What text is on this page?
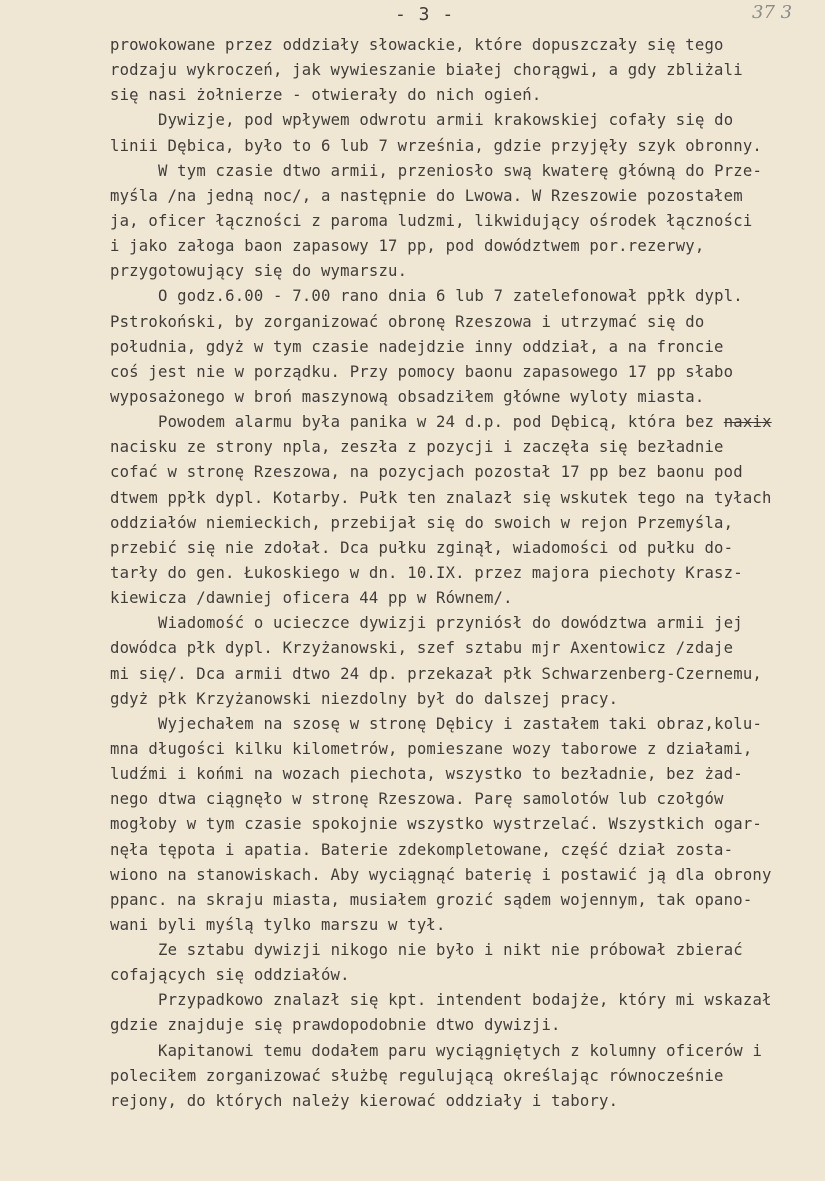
- 3 -	37 3
prowokowane przez oddziały słowackie, które dopuszczały się tego
rodzaju wykroczeń, jak wywieszanie białej chorągwi, a gdy zbliżali
się nasi żołnierze - otwierały do nich ogień.
Dywizje, pod wpływem odwrotu armii krakowskiej cofały się do
linii Dębica, było to 6 lub 7 września, gdzie przyjęły szyk obronny.
W tym czasie dtwo armii, przeniosło swą kwaterę główną do Prze-
myśla /na jedną noc/, a następnie do Lwowa. W Rzeszowie pozostałem
ja, oficer łączności z paroma ludzmi, likwidujący ośrodek łączności
i jako załoga baon zapasowy 17 pp, pod dowództwem por.rezerwy,
przygotowujący się do wymarszu.
O godz.6.00 - 7.00 rano dnia 6 lub 7 zatelefonował ppłk dypl.
Pstrokoński, by zorganizować obronę Rzeszowa i utrzymać się do
południa, gdyż w tym czasie nadejdzie inny oddział, a na froncie
coś jest nie w porządku. Przy pomocy baonu zapasowego 17 pp słabo
wyposażonego w broń maszynową obsadziłem główne wyloty miasta.
Powodem alarmu była panika w 24 d.p. pod Dębicą, która bez naxix
nacisku ze strony npla, zeszła z pozycji i zaczęła się bezładnie
cofać w stronę Rzeszowa, na pozycjach pozostał 17 pp bez baonu pod
dtwem ppłk dypl. Kotarby. Pułk ten znalazł się wskutek tego na tyłach
oddziałów niemieckich, przebijał się do swoich w rejon Przemyśla,
przebić się nie zdołał. Dca pułku zginął, wiadomości od pułku do-
tarły do gen. Łukoskiego w dn. 10.IX. przez majora piechoty Krasz-
kiewicza /dawniej oficera 44 pp w Równem/.
Wiadomość o ucieczce dywizji przyniósł do dowództwa armii jej
dowódca płk dypl. Krzyżanowski, szef sztabu mjr Axentowicz /zdaje
mi się/. Dca armii dtwo 24 dp. przekazał płk Schwarzenberg-Czernemu,
gdyż płk Krzyżanowski niezdolny był do dalszej pracy.
Wyjechałem na szosę w stronę Dębicy i zastałem taki obraz,kolu-
mna długości kilku kilometrów, pomieszane wozy taborowe z działami,
ludźmi i końmi na wozach piechota, wszystko to bezładnie, bez żad-
nego dtwa ciągnęło w stronę Rzeszowa. Parę samolotów lub czołgów
mogłoby w tym czasie spokojnie wszystko wystrzelać. Wszystkich ogar-
nęła tępota i apatia. Baterie zdekompletowane, część dział zosta-
wiono na stanowiskach. Aby wyciągnąć baterię i postawić ją dla obrony
ppanc. na skraju miasta, musiałem grozić sądem wojennym, tak opano-
wani byli myślą tylko marszu w tył.
Ze sztabu dywizji nikogo nie było i nikt nie próbował zbierać
cofających się oddziałów.
Przypadkowo znalazł się kpt. intendent bodajże, który mi wskazał
gdzie znajduje się prawdopodobnie dtwo dywizji.
Kapitanowi temu dodałem paru wyciągniętych z kolumny oficerów i
poleciłem zorganizować służbę regulującą określając równocześnie
rejony, do których należy kierować oddziały i tabory.
